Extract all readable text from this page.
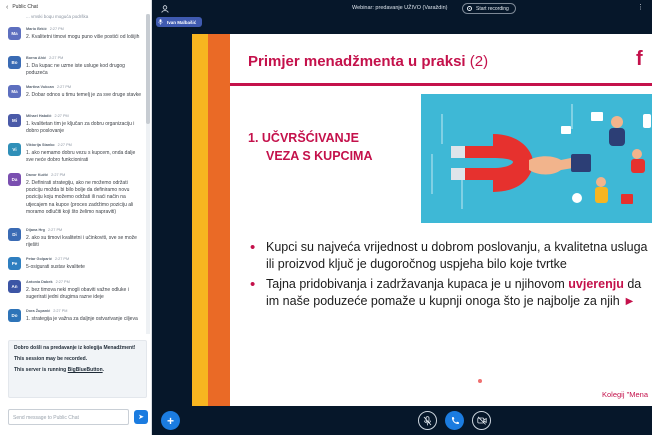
‹ Public Chat
... vmski boqu moguća podrška
Ma
Mario Brkić 2:27 PM
2. Kvalitetni timovi mogu puno više postići od lošijih
Bo
Borna Ahić 2:27 PM
1. Da kupac ne uzme iste usluge kod drugog poduzeća
Ma
Martina Vukcan 2:27 PM
2. Dobar odnos u timu temelj je za sve druge stavke
Mi
Mihael Habdić 2:27 PM
1. kvalitetan tim je ključan za dobru organizaciju i dobro poslovanje
Vi
Viktorija Stanko 2:27 PM
1. ako nemamo dobru vezu s kupcem, onda dalje sve neće dobro funkcionirati
Da
Davor Kučić 2:27 PM
2. Definirati strategiju, ako ne možemo održati poziciju možda bi bilo bolje da definiramo novu poziciju koju možemo održati ili naći način na utjecajem na kupce (proces zadržimo poziciju ali moramo odlučiti koji što želimo napraviti)
Di
Dijana Hrg 2:27 PM
2. ako su timovi kvalitetni i učinkoviti, sve se može riješiti
Pe
Petar Golparić 2:27 PM
5-osigurati sustav kvalitete
An
Antonia Dabek 2:27 PM
2. bez timova neki mogli obaviti važne odluke i sugerirati jedni drugima razne ideje
Do
Dora Županić 2:27 PM
1. strategija je važna za daljnje ostvarivanje ciljeva

Dobro došli na predavanje iz kolegija Menadžment!

This session may be recorded.

This server is running BigBlueButton.

Send message to Public Chat	➤
Webinar: predavanje UŽIVO (Varaždin)	Start recording	⋮
Ivan Malbašić
Primjer menadžmenta u praksi (2)	f
1. UČVRŠĆIVANJE
VEZA S KUPCIMA
• Kupci su najveća vrijednost u dobrom poslovanju, a kvalitetna usluga ili proizvod ključ je dugoročnog uspjeha bilo koje tvrtke
• Tajna pridobivanja i zadržavanja kupaca je u njihovom uvjerenju da im naše poduzeće pomaže u kupnji onoga što je najbolje za njih ►
Kolegij "Mena
+
